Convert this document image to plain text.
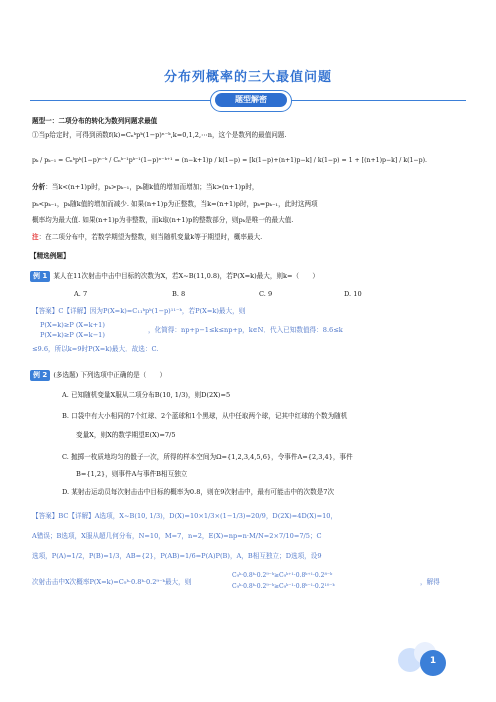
分布列概率的三大最值问题
题型解密
题型一：二项分布的转化为数列问题求最值
①当p给定时，可得到函数f(k)=Cₙᵏpᵏ(1−p)ⁿ⁻ᵏ,k=0,1,2,⋯n，这个是数列的最值问题.
pₖ / pₖ₋₁ = Cₙᵏpᵏ(1−p)ⁿ⁻ᵏ / Cₙᵏ⁻¹pᵏ⁻¹(1−p)ⁿ⁻ᵏ⁺¹ = (n−k+1)p / k(1−p) = [k(1−p)+(n+1)p−k] / k(1−p) = 1 + [(n+1)p−k] / k(1−p).
分析：当k<(n+1)p时，pₖ>pₖ₋₁，pₖ随k值的增加而增加；当k>(n+1)p时，
pₖ<pₖ₋₁，pₖ随k值的增加而减少. 如果(n+1)p为正整数，当k=(n+1)p时，pₖ=pₖ₋₁，此时这两项
概率均为最大值. 如果(n+1)p为非整数，而k取(n+1)p的整数部分，则pₖ是唯一的最大值.
注：在二项分布中，若数学期望为整数，则当随机变量k等于期望时，概率最大.
【精选例题】
例 1 某人在11次射击中击中目标的次数为X，若X~B(11,0.8)，若P(X=k)最大，则k=（　　）
A. 7	B. 8	C. 9	D. 10
【答案】C【详解】因为P(X=k)=C₁₁ᵏpᵏ(1−p)¹¹⁻ᵏ，若P(X=k)最大，则
P(X=k)≥P (X=k+1)
P(X=k)≥P (X=k−1)
，化简得：np+p−1≤k≤np+p，k∈N．代入已知数值得：8.6≤k
≤9.6，所以k=9时P(X=k)最大．故选：C.
例 2 (多选题) 下列选项中正确的是（　　）
A. 已知随机变量X服从二项分布B(10, 1/3)，则D(2X)=5
B. 口袋中有大小相同的7个红球、2个蓝球和1个黑球，从中任取两个球，记其中红球的个数为随机
变量X，则X的数学期望E(X)=7/5
C. 抛掷一枚质地均匀的骰子一次，所得的样本空间为Ω={1,2,3,4,5,6}，令事件A={2,3,4}，事件
B={1,2}，则事件A与事件B相互独立
D. 某射击运动员每次射击击中目标的概率为0.8，则在9次射击中，最有可能击中的次数是7次
【答案】BC【详解】A选项，X~B(10, 1/3)，D(X)=10×1/3×(1−1/3)=20/9，D(2X)=4D(X)=10，
A错误；B选项，X服从超几何分布，N=10，M=7，n=2，E(X)=np=n·M/N=2×7/10=7/5；C
选项，P(A)=1/2，P(B)=1/3，AB={2}，P(AB)=1/6=P(A)P(B)，A，B相互独立；D选项，设9
次射击击中X次概率P(X=k)=C₉ᵏ·0.8ᵏ·0.2⁹⁻ᵏ最大，则
C₉ᵏ·0.8ᵏ·0.2⁹⁻ᵏ≥C₉ᵏ⁺¹·0.8ᵏ⁺¹·0.2⁸⁻ᵏ
C₉ᵏ·0.8ᵏ·0.2⁹⁻ᵏ≥C₉ᵏ⁻¹·0.8ᵏ⁻¹·0.2¹⁰⁻ᵏ
，解得
1
